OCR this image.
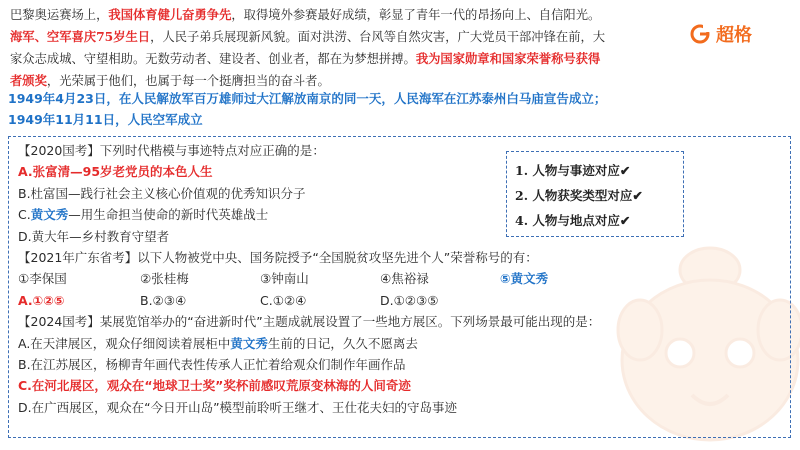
巴黎奥运赛场上，我国体育健儿奋勇争先，取得境外参赛最好成绩，彰显了青年一代的昂扬向上、自信阳光。
海军、空军喜庆75岁生日，人民子弟兵展现新风貌。面对洪涝、台风等自然灾害，广大党员干部冲锋在前，大
家众志成城、守望相助。无数劳动者、建设者、创业者，都在为梦想拼搏。我为国家勋章和国家荣誉称号获得
者颁奖，光荣属于他们，也属于每一个挺膺担当的奋斗者。
超格
1949年4月23日，在人民解放军百万雄师过大江解放南京的同一天，人民海军在江苏泰州白马庙宣告成立；
1949年11月11日，人民空军成立
【2020国考】下列时代楷模与事迹特点对应正确的是：
A.张富清—95岁老党员的本色人生
B.杜富国—践行社会主义核心价值观的优秀知识分子
C.黄文秀—用生命担当使命的新时代英雄战士
D.黄大年—乡村教育守望者
【2021年广东省考】以下人物被党中央、国务院授予“全国脱贫攻坚先进个人”荣誉称号的有：
①李保国	②张桂梅	③钟南山	④焦裕禄	⑤黄文秀
A.①②⑤	B.②③④	C.①②④	D.①②③⑤
【2024国考】某展览馆举办的“奋进新时代”主题成就展设置了一些地方展区。下列场景最可能出现的是：
A.在天津展区，观众仔细阅读着展柜中黄文秀生前的日记，久久不愿离去
B.在江苏展区，杨柳青年画代表性传承人正忙着给观众们制作年画作品
C.在河北展区，观众在“地球卫士奖”奖杯前感叹荒原变林海的人间奇迹
D.在广西展区，观众在“今日开山岛”模型前聆听王继才、王仕花夫妇的守岛事迹
1. 人物与事迹对应✔
2. 人物获奖类型对应✔
4. 人物与地点对应✔
